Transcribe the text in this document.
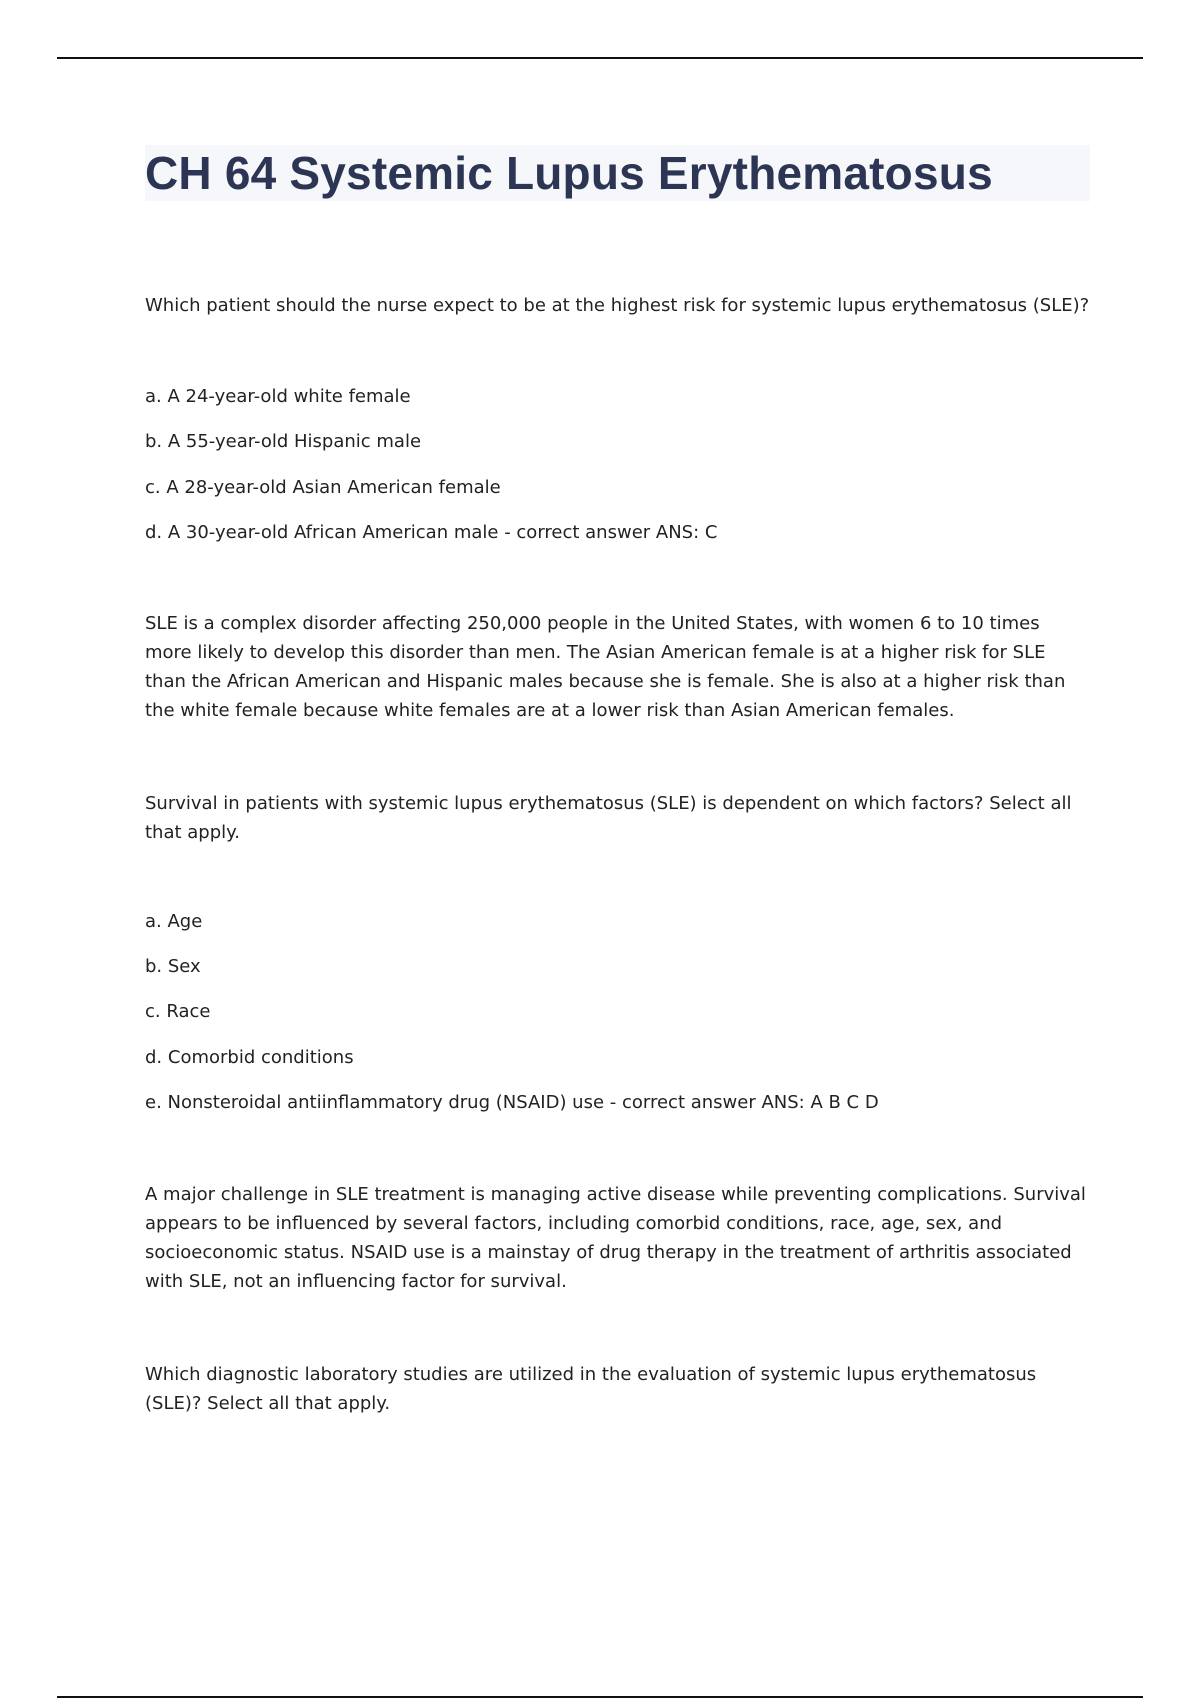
CH 64 Systemic Lupus Erythematosus

Which patient should the nurse expect to be at the highest risk for systemic lupus erythematosus (SLE)?

a. A 24-year-old white female

b. A 55-year-old Hispanic male

c. A 28-year-old Asian American female

d. A 30-year-old African American male - correct answer ANS: C

SLE is a complex disorder affecting 250,000 people in the United States, with women 6 to 10 times more likely to develop this disorder than men. The Asian American female is at a higher risk for SLE than the African American and Hispanic males because she is female. She is also at a higher risk than the white female because white females are at a lower risk than Asian American females.

Survival in patients with systemic lupus erythematosus (SLE) is dependent on which factors? Select all that apply.

a. Age

b. Sex

c. Race

d. Comorbid conditions

e. Nonsteroidal antiinflammatory drug (NSAID) use - correct answer ANS: A B C D

A major challenge in SLE treatment is managing active disease while preventing complications. Survival appears to be influenced by several factors, including comorbid conditions, race, age, sex, and socioeconomic status. NSAID use is a mainstay of drug therapy in the treatment of arthritis associated with SLE, not an influencing factor for survival.

Which diagnostic laboratory studies are utilized in the evaluation of systemic lupus erythematosus (SLE)? Select all that apply.
